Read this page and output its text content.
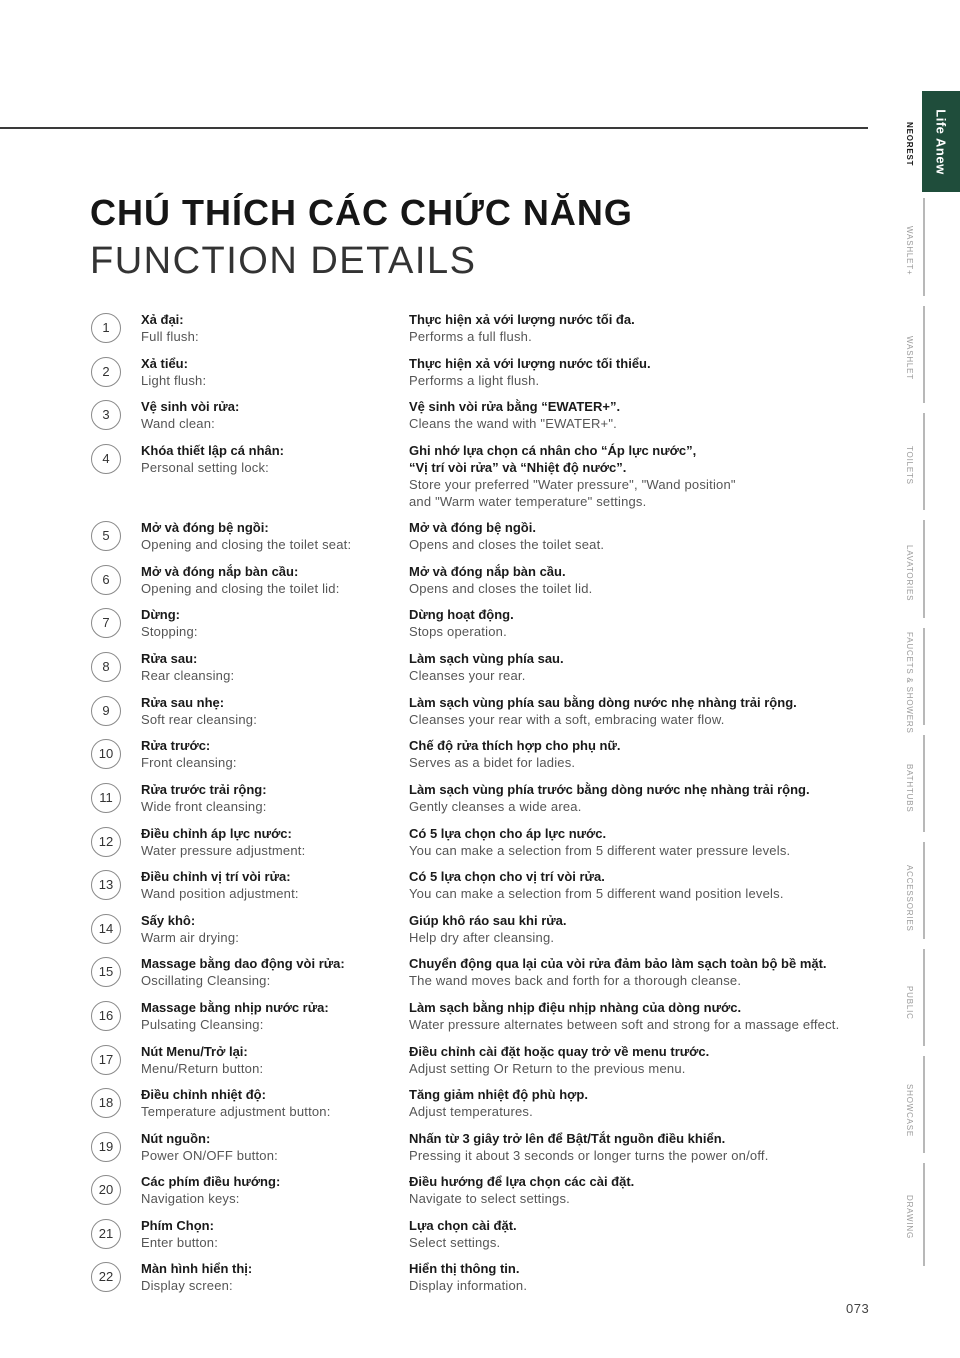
CHÚ THÍCH CÁC CHỨC NĂNG
FUNCTION DETAILS
1
Xả đại:
Full flush:
Thực hiện xả với lượng nước tối đa.
Performs a full flush.
2
Xả tiểu:
Light flush:
Thực hiện xả với lượng nước tối thiểu.
Performs a light flush.
3
Vệ sinh vòi rửa:
Wand clean:
Vệ sinh vòi rửa bằng “EWATER+”.
Cleans the wand with "EWATER+".
4
Khóa thiết lập cá nhân:
Personal setting lock:
Ghi nhớ lựa chọn cá nhân cho “Áp lực nước”,
“Vị trí vòi rửa” và “Nhiệt độ nước”.
Store your preferred "Water pressure", "Wand position"
and "Warm water temperature" settings.
5
Mở và đóng bệ ngồi:
Opening and closing the toilet seat:
Mở và đóng bệ ngồi.
Opens and closes the toilet seat.
6
Mở và đóng nắp bàn cầu:
Opening and closing the toilet lid:
Mở và đóng nắp bàn cầu.
Opens and closes the toilet lid.
7
Dừng:
Stopping:
Dừng hoạt động.
Stops operation.
8
Rửa sau:
Rear cleansing:
Làm sạch vùng phía sau.
Cleanses your rear.
9
Rửa sau nhẹ:
Soft rear cleansing:
Làm sạch vùng phía sau bằng dòng nước nhẹ nhàng trải rộng.
Cleanses your rear with a soft, embracing water flow.
10
Rửa trước:
Front cleansing:
Chế độ rửa thích hợp cho phụ nữ.
Serves as a bidet for ladies.
11
Rửa trước trải rộng:
Wide front cleansing:
Làm sạch vùng phía trước bằng dòng nước nhẹ nhàng trải rộng.
Gently cleanses a wide area.
12
Điều chỉnh áp lực nước:
Water pressure adjustment:
Có 5 lựa chọn cho áp lực nước.
You can make a selection from 5 different water pressure levels.
13
Điều chỉnh vị trí vòi rửa:
Wand position adjustment:
Có 5 lựa chọn cho vị trí vòi rửa.
You can make a selection from 5 different wand position levels.
14
Sấy khô:
Warm air drying:
Giúp khô ráo sau khi rửa.
Help dry after cleansing.
15
Massage bằng dao động vòi rửa:
Oscillating Cleansing:
Chuyển động qua lại của vòi rửa đảm bảo làm sạch toàn bộ bề mặt.
The wand moves back and forth for a thorough cleanse.
16
Massage bằng nhịp nước rửa:
Pulsating Cleansing:
Làm sạch bằng nhịp điệu nhịp nhàng của dòng nước.
Water pressure alternates between soft and strong for a massage effect.
17
Nút Menu/Trở lại:
Menu/Return button:
Điều chỉnh cài đặt hoặc quay trở về menu trước.
Adjust setting Or Return to the previous menu.
18
Điều chỉnh nhiệt độ:
Temperature adjustment button:
Tăng giảm nhiệt độ phù hợp.
Adjust temperatures.
19
Nút nguồn:
Power ON/OFF button:
Nhấn từ 3 giây trở lên để Bật/Tắt nguồn điều khiển.
Pressing it about 3 seconds or longer turns the power on/off.
20
Các phím điều hướng:
Navigation keys:
Điều hướng để lựa chọn các cài đặt.
Navigate to select settings.
21
Phím Chọn:
Enter button:
Lựa chọn cài đặt.
Select settings.
22
Màn hình hiển thị:
Display screen:
Hiển thị thông tin.
Display information.
Life Anew
NEOREST
WASHLET+
WASHLET
TOILETS
LAVATORIES
FAUCETS & SHOWERS
BATHTUBS
ACCESSORIES
PUBLIC
SHOWCASE
DRAWING
073
